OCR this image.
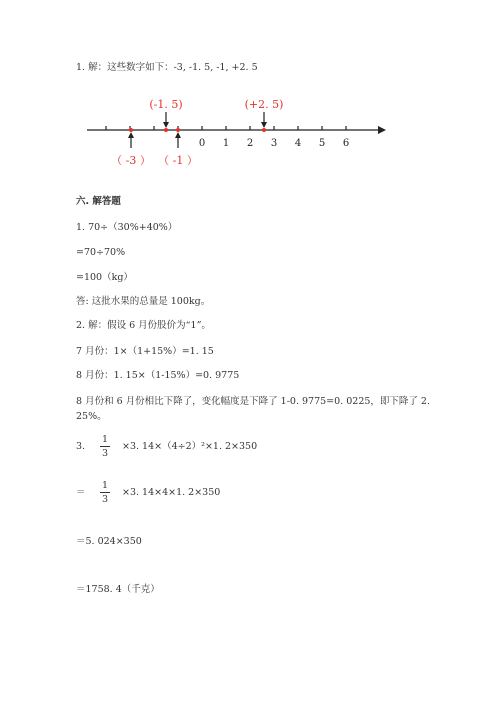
1. 解：这些数字如下：-3, -1. 5, -1, +2. 5
0 1 2 3 4 5 6
(-1. 5)	(+2. 5)
（ -3 ） （ -1 ）
六. 解答题
1. 70÷（30%+40%）
=70÷70%
=100（kg）
答: 这批水果的总量是 100kg。
2. 解：假设 6 月份股价为“1”。
7 月份：1×（1+15%）=1. 15
8 月份：1. 15×（1-15%）=0. 9775
8 月份和 6 月份相比下降了，变化幅度是下降了 1-0. 9775=0. 0225，即下降了 2. 25%。
3.
1
3
×3. 14×（4÷2）²×1. 2×350
＝
1
3
×3. 14×4×1. 2×350
＝5. 024×350
＝1758. 4（千克）
